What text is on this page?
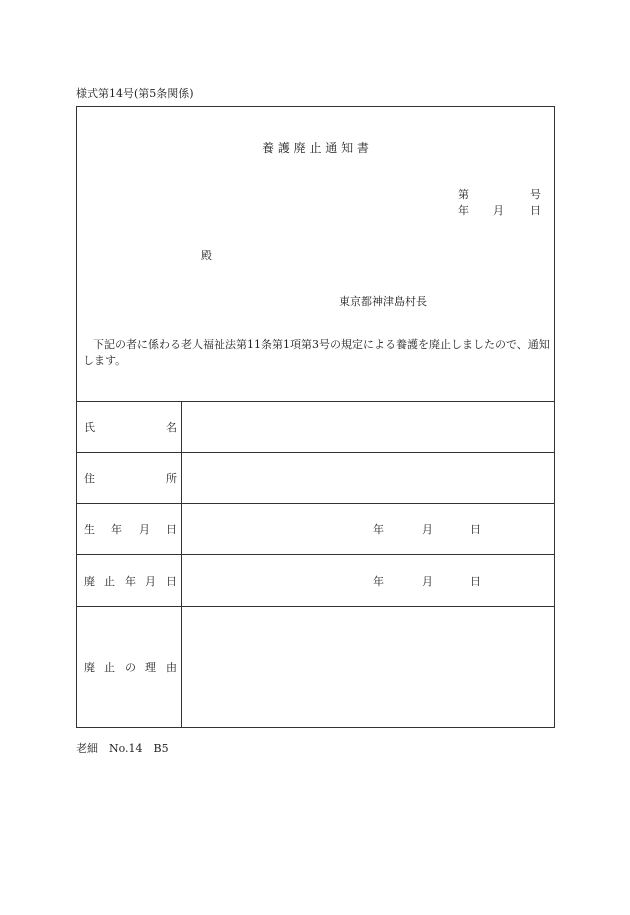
様式第14号(第5条関係)
養 護 廃 止 通 知 書
第	号
年 月 日
殿
東京都神津島村長
下記の者に係わる老人福祉法第11条第1項第3号の規定による養護を廃止しましたので、通知します。
氏	名
住	所
生 年 月 日	年	月	日
廃 止 年 月 日	年	月	日
廃 止 の 理 由
老細　No.14　B5
